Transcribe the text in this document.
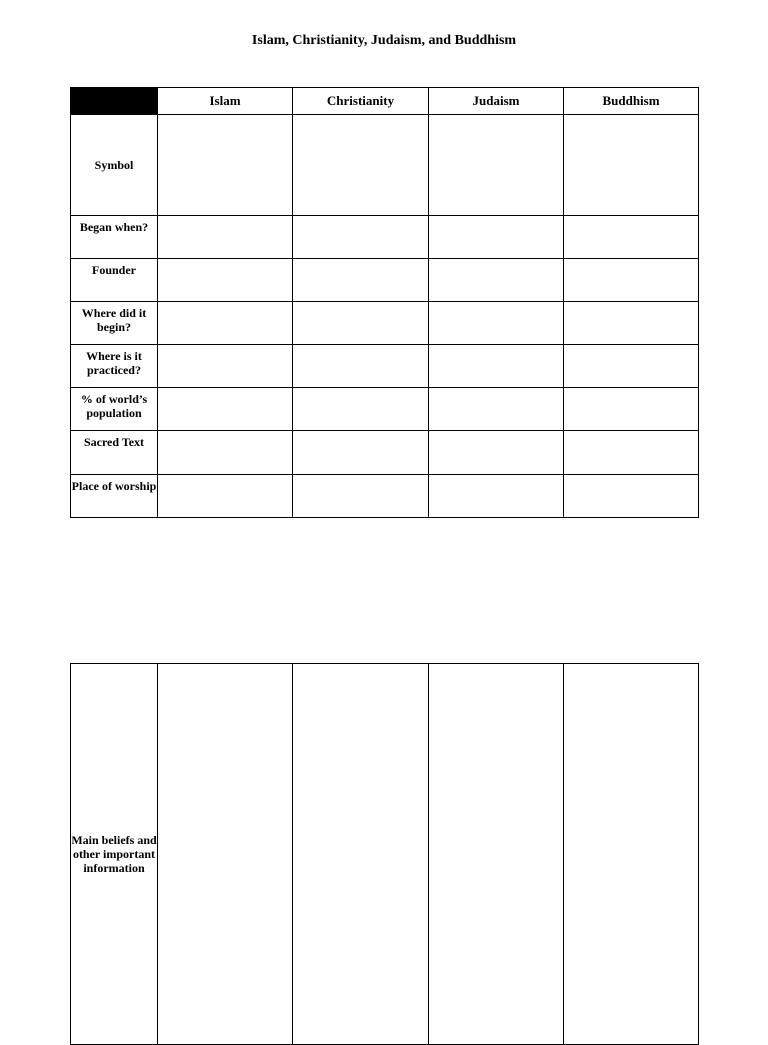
Islam, Christianity, Judaism, and Buddhism
	Islam	Christianity	Judaism	Buddhism
Symbol				
Began when?				
Founder				
Where did it begin?				
Where is it practiced?				
% of world’s population				
Sacred Text				
Place of worship				
Main beliefs and other important information				
